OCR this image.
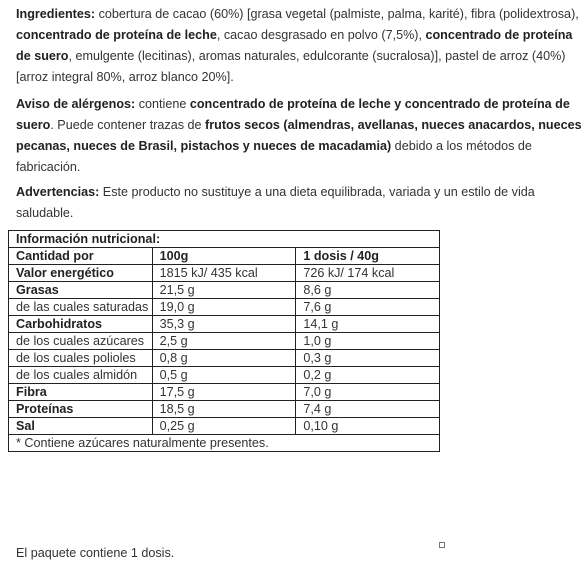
Ingredientes: cobertura de cacao (60%) [grasa vegetal (palmiste, palma, karité), fibra (polidextrosa), concentrado de proteína de leche, cacao desgrasado en polvo (7,5%), concentrado de proteína de suero, emulgente (lecitinas), aromas naturales, edulcorante (sucralosa)], pastel de arroz (40%) [arroz integral 80%, arroz blanco 20%].
Aviso de alérgenos: contiene concentrado de proteína de leche y concentrado de proteína de suero. Puede contener trazas de frutos secos (almendras, avellanas, nueces anacardos, nueces pecanas, nueces de Brasil, pistachos y nueces de macadamia) debido a los métodos de fabricación.
Advertencias: Este producto no sustituye a una dieta equilibrada, variada y un estilo de vida saludable.
Información nutricional:		
Cantidad por	100g	1 dosis / 40g
Valor energético	1815 kJ/ 435 kcal	726 kJ/ 174 kcal
Grasas	21,5 g	8,6 g
de las cuales saturadas	19,0 g	7,6 g
Carbohidratos	35,3 g	14,1 g
de los cuales azúcares	2,5 g	1,0 g
de los cuales polioles	0,8 g	0,3 g
de los cuales almidón	0,5 g	0,2 g
Fibra	17,5 g	7,0 g
Proteínas	18,5 g	7,4 g
Sal	0,25 g	0,10 g
* Contiene azúcares naturalmente presentes.		
El paquete contiene 1 dosis.
